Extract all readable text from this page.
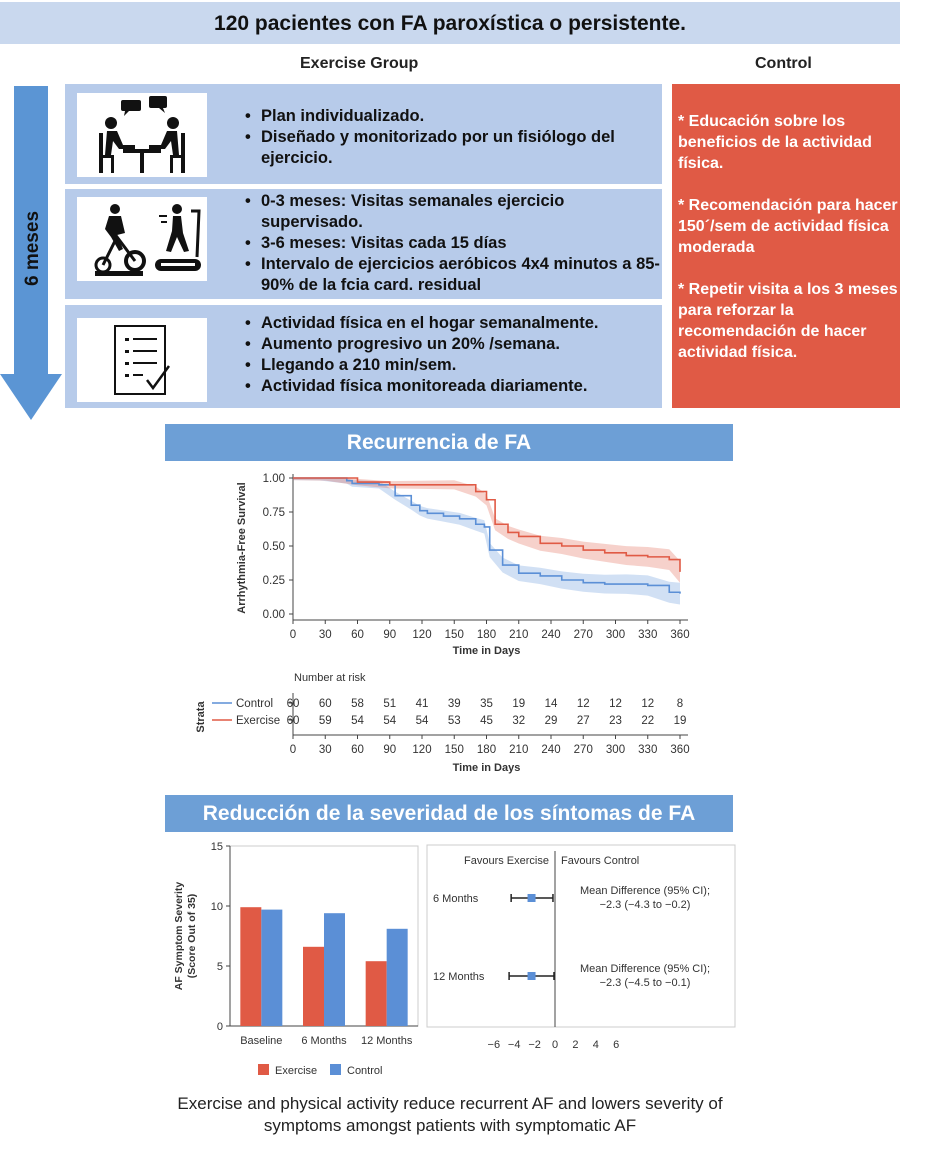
120 pacientes con FA paroxística o persistente.
Exercise Group	Control
6 meses
• Plan individualizado.
• Diseñado y monitorizado por un fisiólogo del ejercicio.
• 0-3 meses: Visitas semanales ejercicio supervisado.
• 3-6 meses: Visitas cada 15 días
• Intervalo de ejercicios aeróbicos 4x4 minutos a 85-90% de la fcia card. residual
• Actividad física en el hogar semanalmente.
• Aumento progresivo un 20% /semana.
• Llegando a 210 min/sem.
• Actividad física monitoreada diariamente.

* Educación sobre los beneficios de la actividad física.

* Recomendación para hacer 150´/sem de actividad física moderada

* Repetir visita a los 3 meses para reforzar la recomendación de hacer actividad física.

Recurrencia de FA
Arrhythmia-Free Survival
0.00
0.25
0.50
0.75
1.00
0 30 60 90 120 150 180 210 240 270 300 330 360
Time in Days
Number at risk
Strata	Control 60 60 58 51 41 39 35 19 14 12 12 12 8
Exercise 60 59 54 54 54 53 45 32 29 27 23 22 19
0 30 60 90 120 150 180 210 240 270 300 330 360
Time in Days
Reducción de la severidad de los síntomas de FA
AF Symptom Severity (Score Out of 35)
0
5
10
15
Baseline 6 Months 12 Months
Exercise	Control
Favours Exercise Favours Control
6 Months
Mean Difference (95% CI);
−2.3 (−4.3 to −0.2)
12 Months
Mean Difference (95% CI);
−2.3 (−4.5 to −0.1)
−6 −4 −2 0 2 4 6
Exercise and physical activity reduce recurrent AF and lowers severity of
symptoms amongst patients with symptomatic AF
